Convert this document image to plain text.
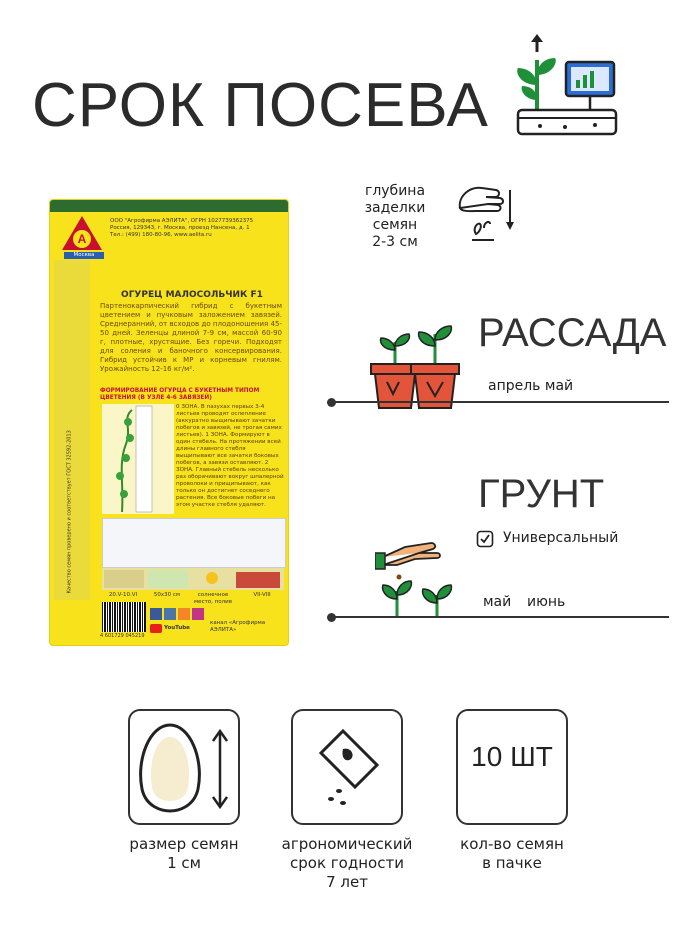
СРОК ПОСЕВА
глубина
заделки
семян
2-3 см
РАССАДА
апрель май
ГРУНТ
Универсальный
май июнь
А
Москва
ООО "Агрофирма АЭЛИТА", ОГРН 1027739362375
Россия, 129343, г. Москва, проезд Нансена, д. 1
Тел.: (499) 180-80-96, www.aelita.ru
ОГУРЕЦ МАЛОСОЛЬЧИК F1
Партенокарпический гибрид с букетным цветением и пучковым заложением завязей. Среднеранний, от всходов до плодоношения 45-50 дней. Зеленцы длиной 7-9 см, массой 60-90 г, плотные, хрустящие. Без горечи. Подходят для соления и баночного консервирования. Гибрид устойчив к МР и корневым гнилям. Урожайность 12-16 кг/м².
ФОРМИРОВАНИЕ ОГУРЦА С БУКЕТНЫМ ТИПОМ ЦВЕТЕНИЯ (В УЗЛЕ 4-6 ЗАВЯЗЕЙ)
0 ЗОНА. В пазухах первых 3-4 листьев проводят ослепление (аккуратно выщипывают зачатки побегов и завязей, не трогая самих листьев). 1 ЗОНА. Формируют в один стебель. На протяжении всей длины главного стебля выщипывают все зачатки боковых побегов, а завязи оставляют. 2 ЗОНА. Главный стебель несколько раз оборачивают вокруг шпалерной проволоки и прищипывают, как только он достигнет соседнего растения. Все боковые побеги на этом участке стебля удаляют.
20.V-10.VI	50x30 см	солнечное место, полив
VII-VIII
YouTube
канал «Агрофирма АЭЛИТА»
4 601729 045219
Качество семян проверено и соответствует ГОСТ 32592-2013
10 ШТ
размер семян
1 см
агрономический
срок годности
7 лет
кол-во семян
в пачке
